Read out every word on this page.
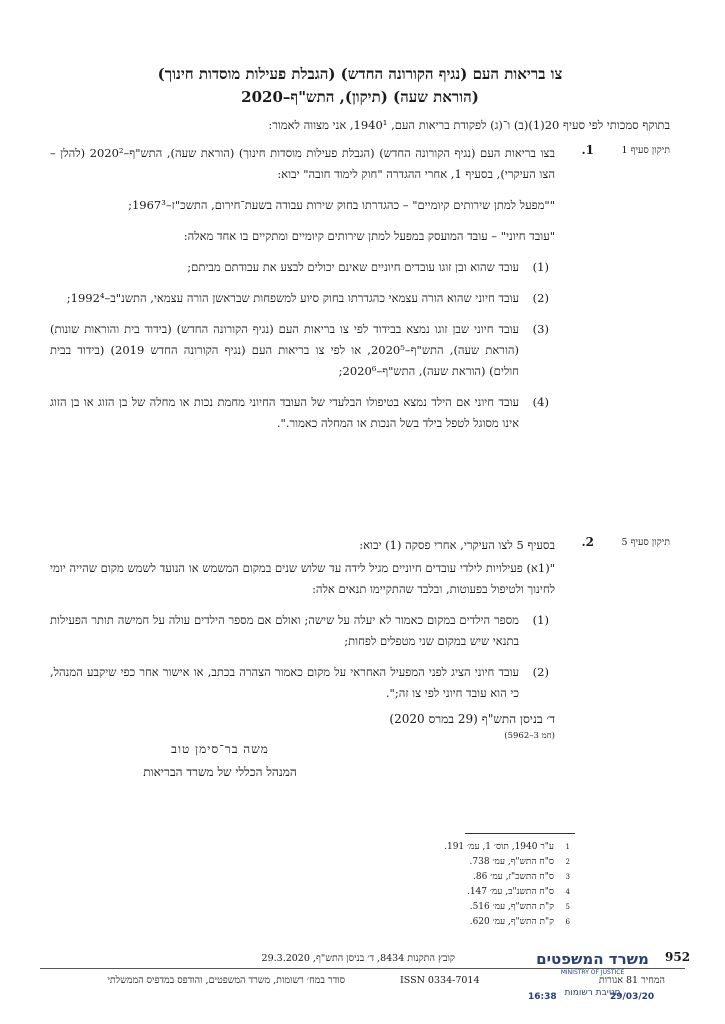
צו בריאות העם (נגיף הקורונה החדש) (הגבלת פעילות מוסדות חינוך)
(הוראת שעה) (תיקון), התש"ף–2020
בתוקף סמכותי לפי סעיף 20(1)(ב) ו־(ג) לפקודת בריאות העם, 1940¹, אני מצווה לאמור:
תיקון סעיף 1
1.

בצו בריאות העם (נגיף הקורונה החדש) (הגבלת פעילות מוסדות חינוך) (הוראת שעה), התש"ף–2020² (להלן – הצו העיקרי), בסעיף 1, אחרי ההגדרה "חוק לימוד חובה" יבוא:

""מפעל למתן שירותים קיומיים" – כהגדרתו בחוק שירות עבודה בשעת־חירום, התשכ"ז–1967³;

"עובד חיוני" – עובד המועסק במפעל למתן שירותים קיומיים ומתקיים בו אחד מאלה:

(1)
עובד שהוא ובן זוגו עובדים חיוניים שאינם יכולים לבצע את עבודתם מביתם;
(2)
עובד חיוני שהוא הורה עצמאי כהגדרתו בחוק סיוע למשפחות שבראשן הורה עצמאי, התשנ"ב–1992⁴;
(3)
עובד חיוני שבן זוגו נמצא בבידוד לפי צו בריאות העם (נגיף הקורונה החדש) (בידוד בית והוראות שונות) (הוראת שעה), התש"ף–2020⁵, או לפי צו בריאות העם (נגיף הקורונה החדש 2019) (בידוד בבית חולים) (הוראת שעה), התש"ף–2020⁶;
(4)
עובד חיוני אם הילד נמצא בטיפולו הבלעדי של העובד החיוני מחמת נכות או מחלה של בן הזוג או בן הזוג אינו מסוגל לטפל בילד בשל הנכות או המחלה כאמור.".
תיקון סעיף 5
2.

בסעיף 5 לצו העיקרי, אחרי פסקה (1) יבוא:

"(1א) פעילויות לילדי עובדים חיוניים מגיל לידה עד שלוש שנים במקום המשמש או הנועד לשמש מקום שהייה יומי לחינוך ולטיפול בפעוטות, ובלבד שהתקיימו תנאים אלה:

(1)
מספר הילדים במקום כאמור לא יעלה על שישה; ואולם אם מספר הילדים עולה על חמישה תותר הפעילות בתנאי שיש במקום שני מטפלים לפחות;
(2)
עובד חיוני הציג לפני המפעיל האחראי על מקום כאמור הצהרה בכתב, או אישור אחר כפי שיקבע המנהל, כי הוא עובד חיוני לפי צו זה;".
ד׳ בניסן התש"ף (29 במרס 2020)
(חמ 3–5962)
משה בר־סימן טוב
המנהל הכללי של משרד הבריאות
1
ע"ר 1940, תוס׳ 1, עמ׳ 191.
2
ס"ח התש"ף, עמ׳ 738.
3
ס"ח התשכ"ז, עמ׳ 86.
4
ס"ח התשנ"ב, עמ׳ 147.
5
ק"ת התש"ף, עמ׳ 516.
6
ק"ת התש"ף, עמ׳ 620.
952
קובץ התקנות 8434, ד׳ בניסן התש"ף, 29.3.2020
סודר במח׳ רשומות, משרד המשפטים, והודפס במדפיס הממשלתי	ISSN 0334-7014	המחיר 81 אגורות
משרד המשפטים
MINISTRY OF JUSTICE
חטיבת רשומות
16:38	29/03/20
